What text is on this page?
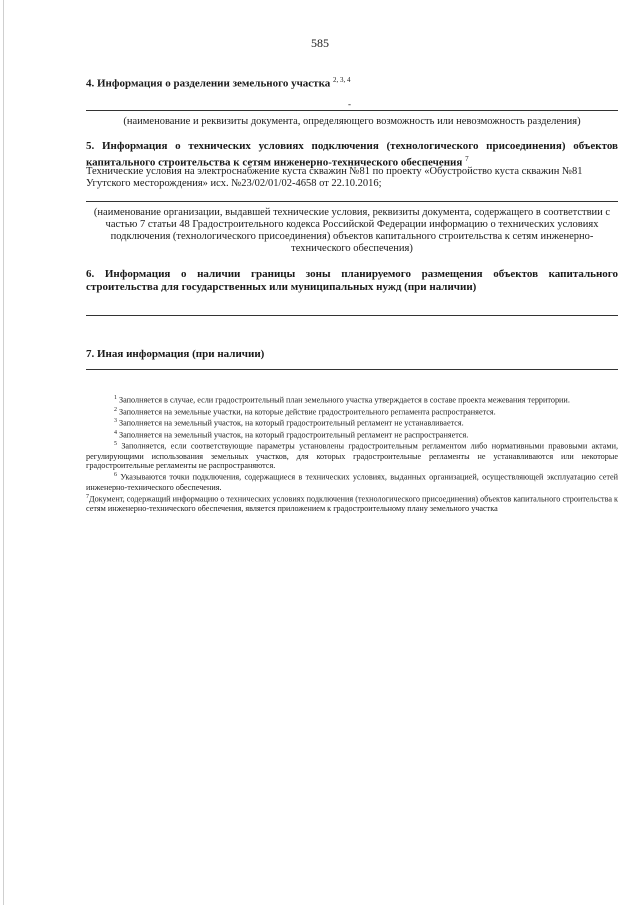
585
4. Информация о разделении земельного участка $^{2, 3, 4}$
-
(наименование и реквизиты документа, определяющего возможность или невозможность разделения)
5. Информация о технических условиях подключения (технологического присоединения) объектов капитального строительства к сетям инженерно-технического обеспечения $^7$
Технические условия на электроснабжение куста скважин №81 по проекту «Обустройство куста скважин №81 Угутского месторождения» исх. №23/02/01/02-4658 от 22.10.2016;
(наименование организации, выдавшей технические условия, реквизиты документа, содержащего в соответствии с частью 7 статьи 48 Градостроительного кодекса Российской Федерации информацию о технических условиях подключения (технологического присоединения) объектов капитального строительства к сетям инженерно-технического обеспечения)
6. Информация о наличии границы зоны планируемого размещения объектов капитального строительства для государственных или муниципальных нужд (при наличии)
7. Иная информация (при наличии)

$^1$ Заполняется в случае, если градостроительный план земельного участка утверждается в составе проекта межевания территории.

$^2$ Заполняется на земельные участки, на которые действие градостроительного регламента распространяется.

$^3$ Заполняется на земельный участок, на который градостроительный регламент не устанавливается.

$^4$ Заполняется на земельный участок, на который градостроительный регламент не распространяется.

$^5$ Заполняется, если соответствующие параметры установлены градостроительным регламентом либо нормативными правовыми актами, регулирующими использования земельных участков, для которых градостроительные регламенты не устанавливаются или некоторые градостроительные регламенты не распространяются.

$^6$ Указываются точки подключения, содержащиеся в технических условиях, выданных организацией, осуществляющей эксплуатацию сетей инженерно-технического обеспечения.

$^7$Документ, содержащий информацию о технических условиях подключения (технологического присоединения) объектов капитального строительства к сетям инженерно-технического обеспечения, является приложением к градостроительному плану земельного участка
